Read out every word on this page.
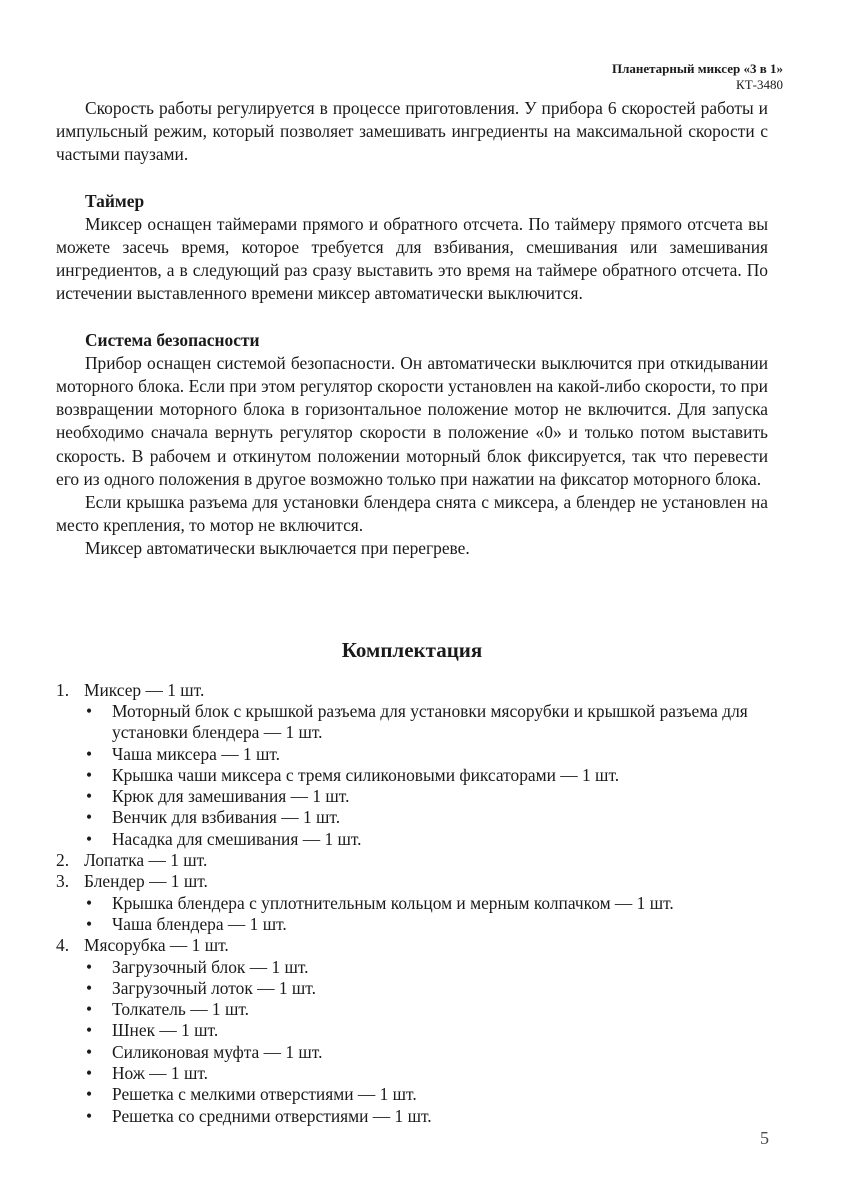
Планетарный миксер «3 в 1»
КТ-3480

Скорость работы регулируется в процессе приготовления. У прибора 6 скоростей работы и импульсный режим, который позволяет замешивать ингредиенты на максимальной скорости с частыми паузами.

Таймер

Миксер оснащен таймерами прямого и обратного отсчета. По таймеру прямого отсчета вы можете засечь время, которое требуется для взбивания, смешивания или замешивания ингредиентов, а в следующий раз сразу выставить это время на таймере обратного отсчета. По истечении выставленного времени миксер автоматически выключится.

Система безопасности

Прибор оснащен системой безопасности. Он автоматически выключится при откидывании моторного блока. Если при этом регулятор скорости установлен на какой-либо скорости, то при возвращении моторного блока в горизонтальное положение мотор не включится. Для запуска необходимо сначала вернуть регулятор скорости в положение «0» и только потом выставить скорость. В рабочем и откинутом положении моторный блок фиксируется, так что перевести его из одного положения в другое возможно только при нажатии на фиксатор моторного блока.

Если крышка разъема для установки блендера снята с миксера, а блендер не установлен на место крепления, то мотор не включится.

Миксер автоматически выключается при перегреве.

Комплектация
1. Миксер — 1 шт.
• Моторный блок с крышкой разъема для установки мясорубки и крышкой разъема для установки блендера — 1 шт.
• Чаша миксера — 1 шт.
• Крышка чаши миксера с тремя силиконовыми фиксаторами — 1 шт.
• Крюк для замешивания — 1 шт.
• Венчик для взбивания — 1 шт.
• Насадка для смешивания — 1 шт.
2. Лопатка — 1 шт.
3. Блендер — 1 шт.
• Крышка блендера с уплотнительным кольцом и мерным колпачком — 1 шт.
• Чаша блендера — 1 шт.
4. Мясорубка — 1 шт.
• Загрузочный блок — 1 шт.
• Загрузочный лоток — 1 шт.
• Толкатель — 1 шт.
• Шнек — 1 шт.
• Силиконовая муфта — 1 шт.
• Нож — 1 шт.
• Решетка с мелкими отверстиями — 1 шт.
• Решетка со средними отверстиями — 1 шт.
5
